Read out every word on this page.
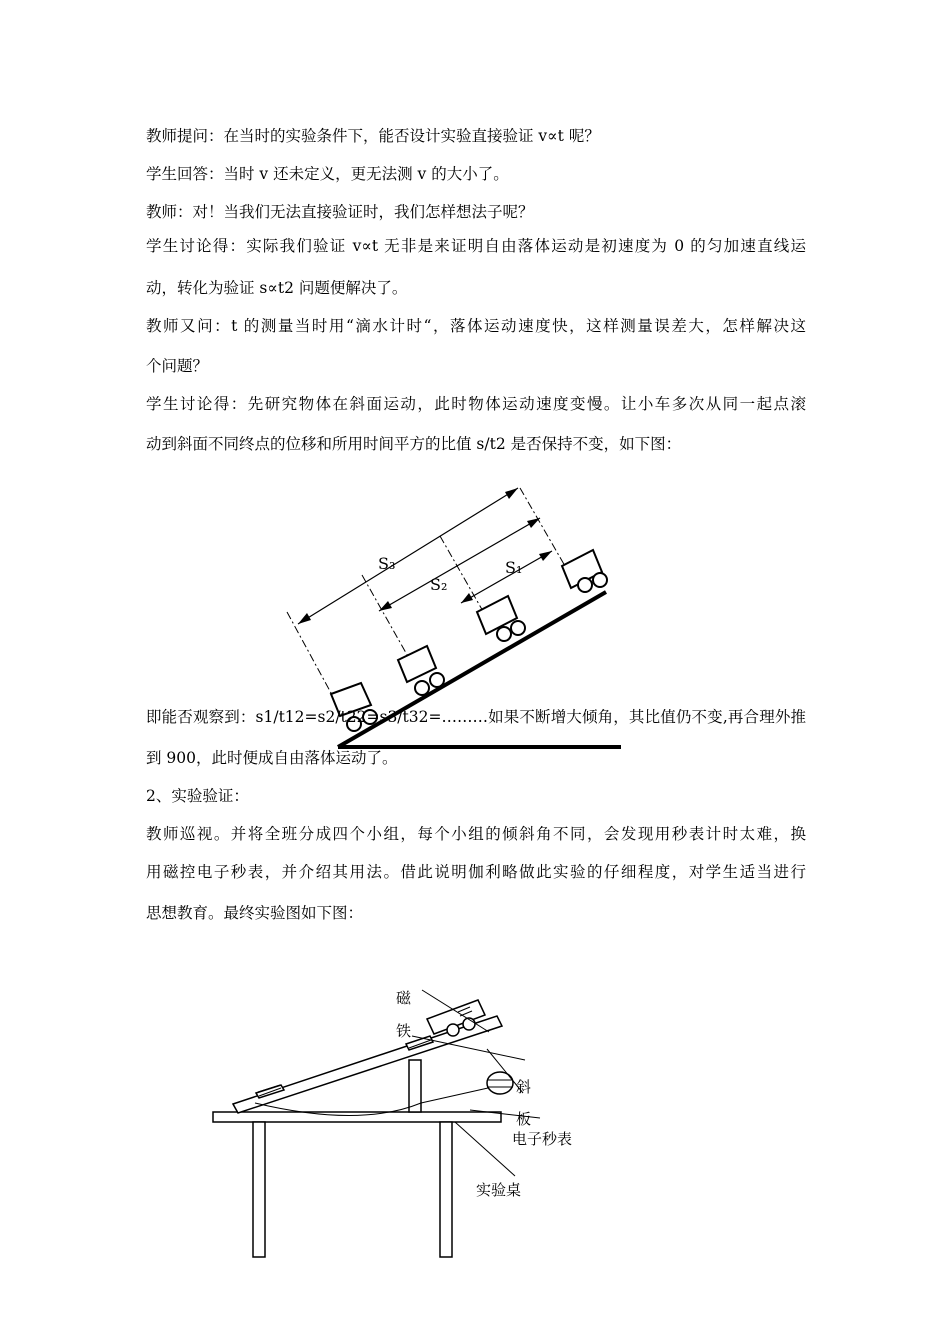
教师提问：在当时的实验条件下，能否设计实验直接验证 v∝t 呢？
学生回答：当时 v 还未定义，更无法测 v 的大小了。
教师：对！当我们无法直接验证时，我们怎样想法子呢？
学生讨论得：实际我们验证 v∝t 无非是来证明自由落体运动是初速度为 0 的匀加速直线运
动，转化为验证 s∝t2 问题便解决了。
教师又问：t 的测量当时用“滴水计时“，落体运动速度快，这样测量误差大，怎样解决这
个问题？
学生讨论得：先研究物体在斜面运动，此时物体运动速度变慢。让小车多次从同一起点滚
动到斜面不同终点的位移和所用时间平方的比值 s/t2 是否保持不变，如下图：
S₃
S₂
S₁
即能否观察到：s1/t12=s2/t22=s3/t32=………如果不断增大倾角，其比值仍不变,再合理外推
到 900，此时便成自由落体运动了。
2、实验验证：
教师巡视。并将全班分成四个小组，每个小组的倾斜角不同，会发现用秒表计时太难，换
用磁控电子秒表，并介绍其用法。借此说明伽利略做此实验的仔细程度，对学生适当进行
思想教育。最终实验图如下图：
磁
铁
斜
板
电子秒表
实验桌
